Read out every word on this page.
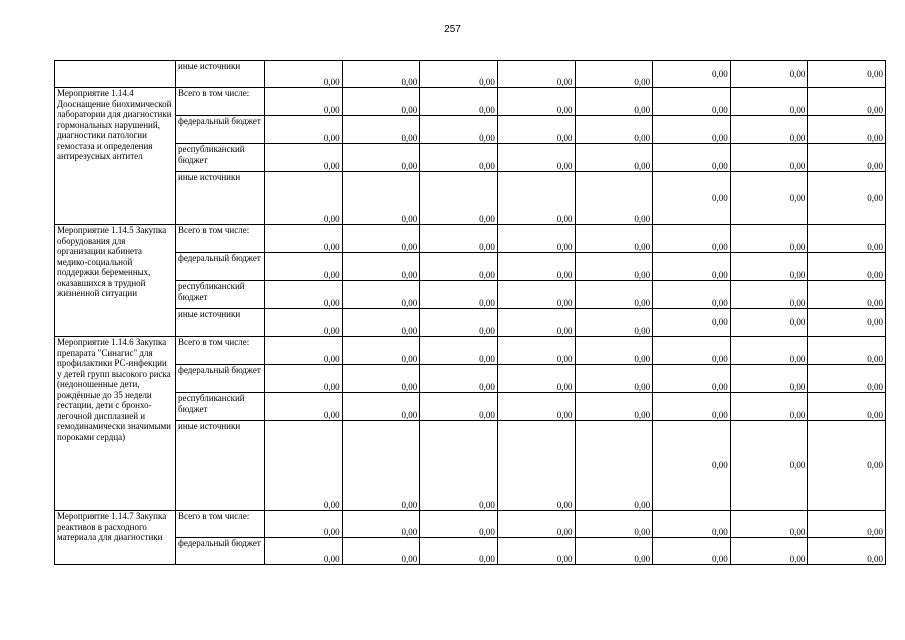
257
	иные источники	0,00	0,00	0,00	0,00	0,00	0,00	0,00	0,00
Мероприятие 1.14.4 Дооснащение биохимической лаборатории для диагностики гормональных нарушений, диагностики патологии гемостаза и определения антирезусных антител	Всего в том числе:	0,00	0,00	0,00	0,00	0,00	0,00	0,00	0,00
	федеральный бюджет	0,00	0,00	0,00	0,00	0,00	0,00	0,00	0,00
	республиканский бюджет	0,00	0,00	0,00	0,00	0,00	0,00	0,00	0,00
	иные источники	0,00	0,00	0,00	0,00	0,00	0,00	0,00	0,00
Мероприятие 1.14.5 Закупка оборудования для организации кабинета медико-социальной поддержки беременных, оказавшихся в трудной жизненной ситуации	Всего в том числе:	0,00	0,00	0,00	0,00	0,00	0,00	0,00	0,00
	федеральный бюджет	0,00	0,00	0,00	0,00	0,00	0,00	0,00	0,00
	республиканский бюджет	0,00	0,00	0,00	0,00	0,00	0,00	0,00	0,00
	иные источники	0,00	0,00	0,00	0,00	0,00	0,00	0,00	0,00
Мероприятие 1.14.6 Закупка препарата "Синагис" для профилактики РС-инфекции у детей групп высокого риска (недоношенные дети, рождённые до 35 недели гестации, дети с бронхо-легочной дисплазией и гемодинамически значимыми пороками сердца)	Всего в том числе:	0,00	0,00	0,00	0,00	0,00	0,00	0,00	0,00
	федеральный бюджет	0,00	0,00	0,00	0,00	0,00	0,00	0,00	0,00
	республиканский бюджет	0,00	0,00	0,00	0,00	0,00	0,00	0,00	0,00
	иные источники	0,00	0,00	0,00	0,00	0,00	0,00	0,00	0,00
Мероприятие 1.14.7 Закупка реактивов в расходного материала для диагностики	Всего в том числе:	0,00	0,00	0,00	0,00	0,00	0,00	0,00	0,00
	федеральный бюджет	0,00	0,00	0,00	0,00	0,00	0,00	0,00	0,00
